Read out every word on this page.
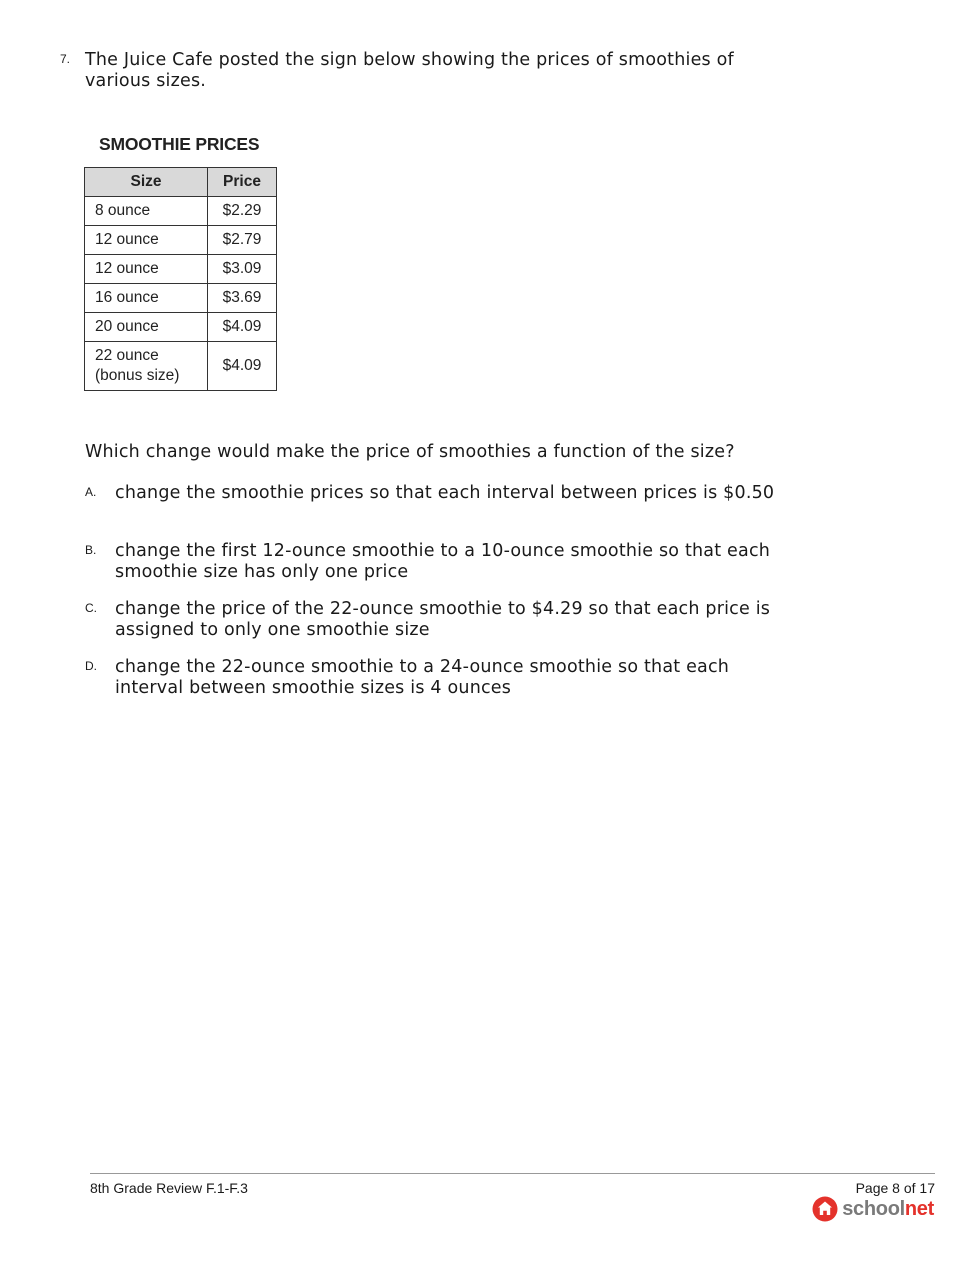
7. The Juice Cafe posted the sign below showing the prices of smoothies of various sizes.
SMOOTHIE PRICES
Size	Price
8 ounce	$2.29
12 ounce	$2.79
12 ounce	$3.09
16 ounce	$3.69
20 ounce	$4.09
22 ounce
(bonus size)	$4.09
Which change would make the price of smoothies a function of the size?
A. change the smoothie prices so that each interval between prices is $0.50
B. change the first 12-ounce smoothie to a 10-ounce smoothie so that each smoothie size has only one price
C. change the price of the 22-ounce smoothie to $4.29 so that each price is assigned to only one smoothie size
D. change the 22-ounce smoothie to a 24-ounce smoothie so that each interval between smoothie sizes is 4 ounces
8th Grade Review F.1-F.3	Page 8 of 17
schoolnet
